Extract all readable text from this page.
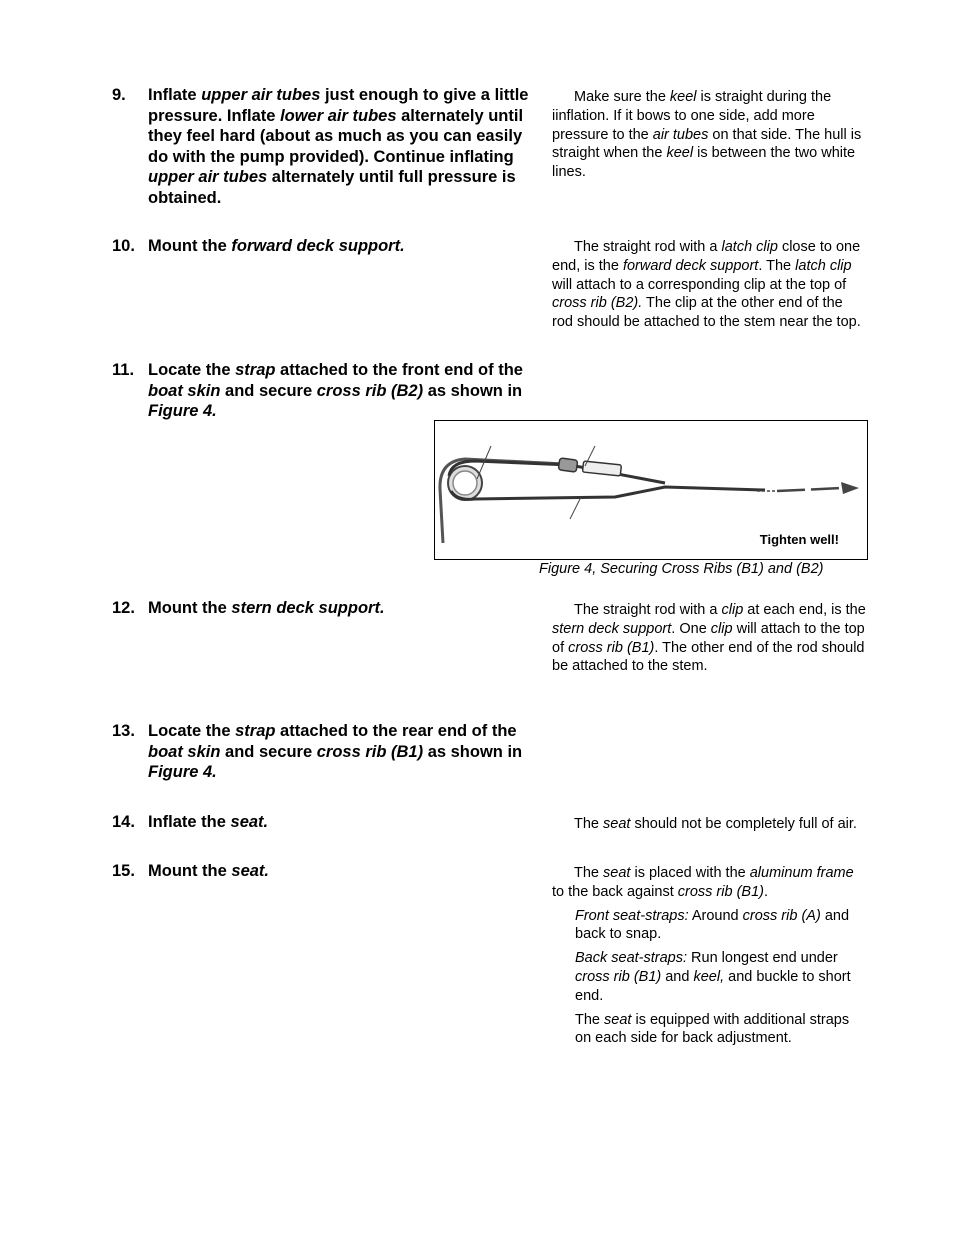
9. Inflate upper air tubes just enough to give a little pressure. Inflate lower air tubes alternately until they feel hard (about as much as you can easily do with the pump provided). Continue inflating upper air tubes alternately until full pressure is obtained.
10. Mount the forward deck support.
11. Locate the strap attached to the front end of the boat skin and secure cross rib (B2) as shown in Figure 4.
12. Mount the stern deck support.
13. Locate the strap attached to the rear end of the boat skin and secure cross rib (B1) as shown in Figure 4.
14. Inflate the seat.
15. Mount the seat.

Make sure the keel is straight during the iinflation. If it bows to one side, add more pressure to the air tubes on that side. The hull is straight when the keel is between the two white lines.

The straight rod with a latch clip close to one end, is the forward deck support. The latch clip will attach to a corresponding clip at the top of cross rib (B2). The clip at the other end of the rod should be attached to the stem near the top.

The straight rod with a clip at each end, is the stern deck support. One clip will attach to the top of cross rib (B1). The other end of the rod should be attached to the stem.

The seat should not be completely full of air.

The seat is placed with the aluminum frame to the back against cross rib (B1).

Front seat-straps: Around cross rib (A) and back to snap.

Back seat-straps: Run longest end under cross rib (B1) and keel, and buckle to short end.

The seat is equipped with additional straps on each side for back adjustment.

Tighten well!
Figure 4, Securing Cross Ribs (B1) and (B2)
